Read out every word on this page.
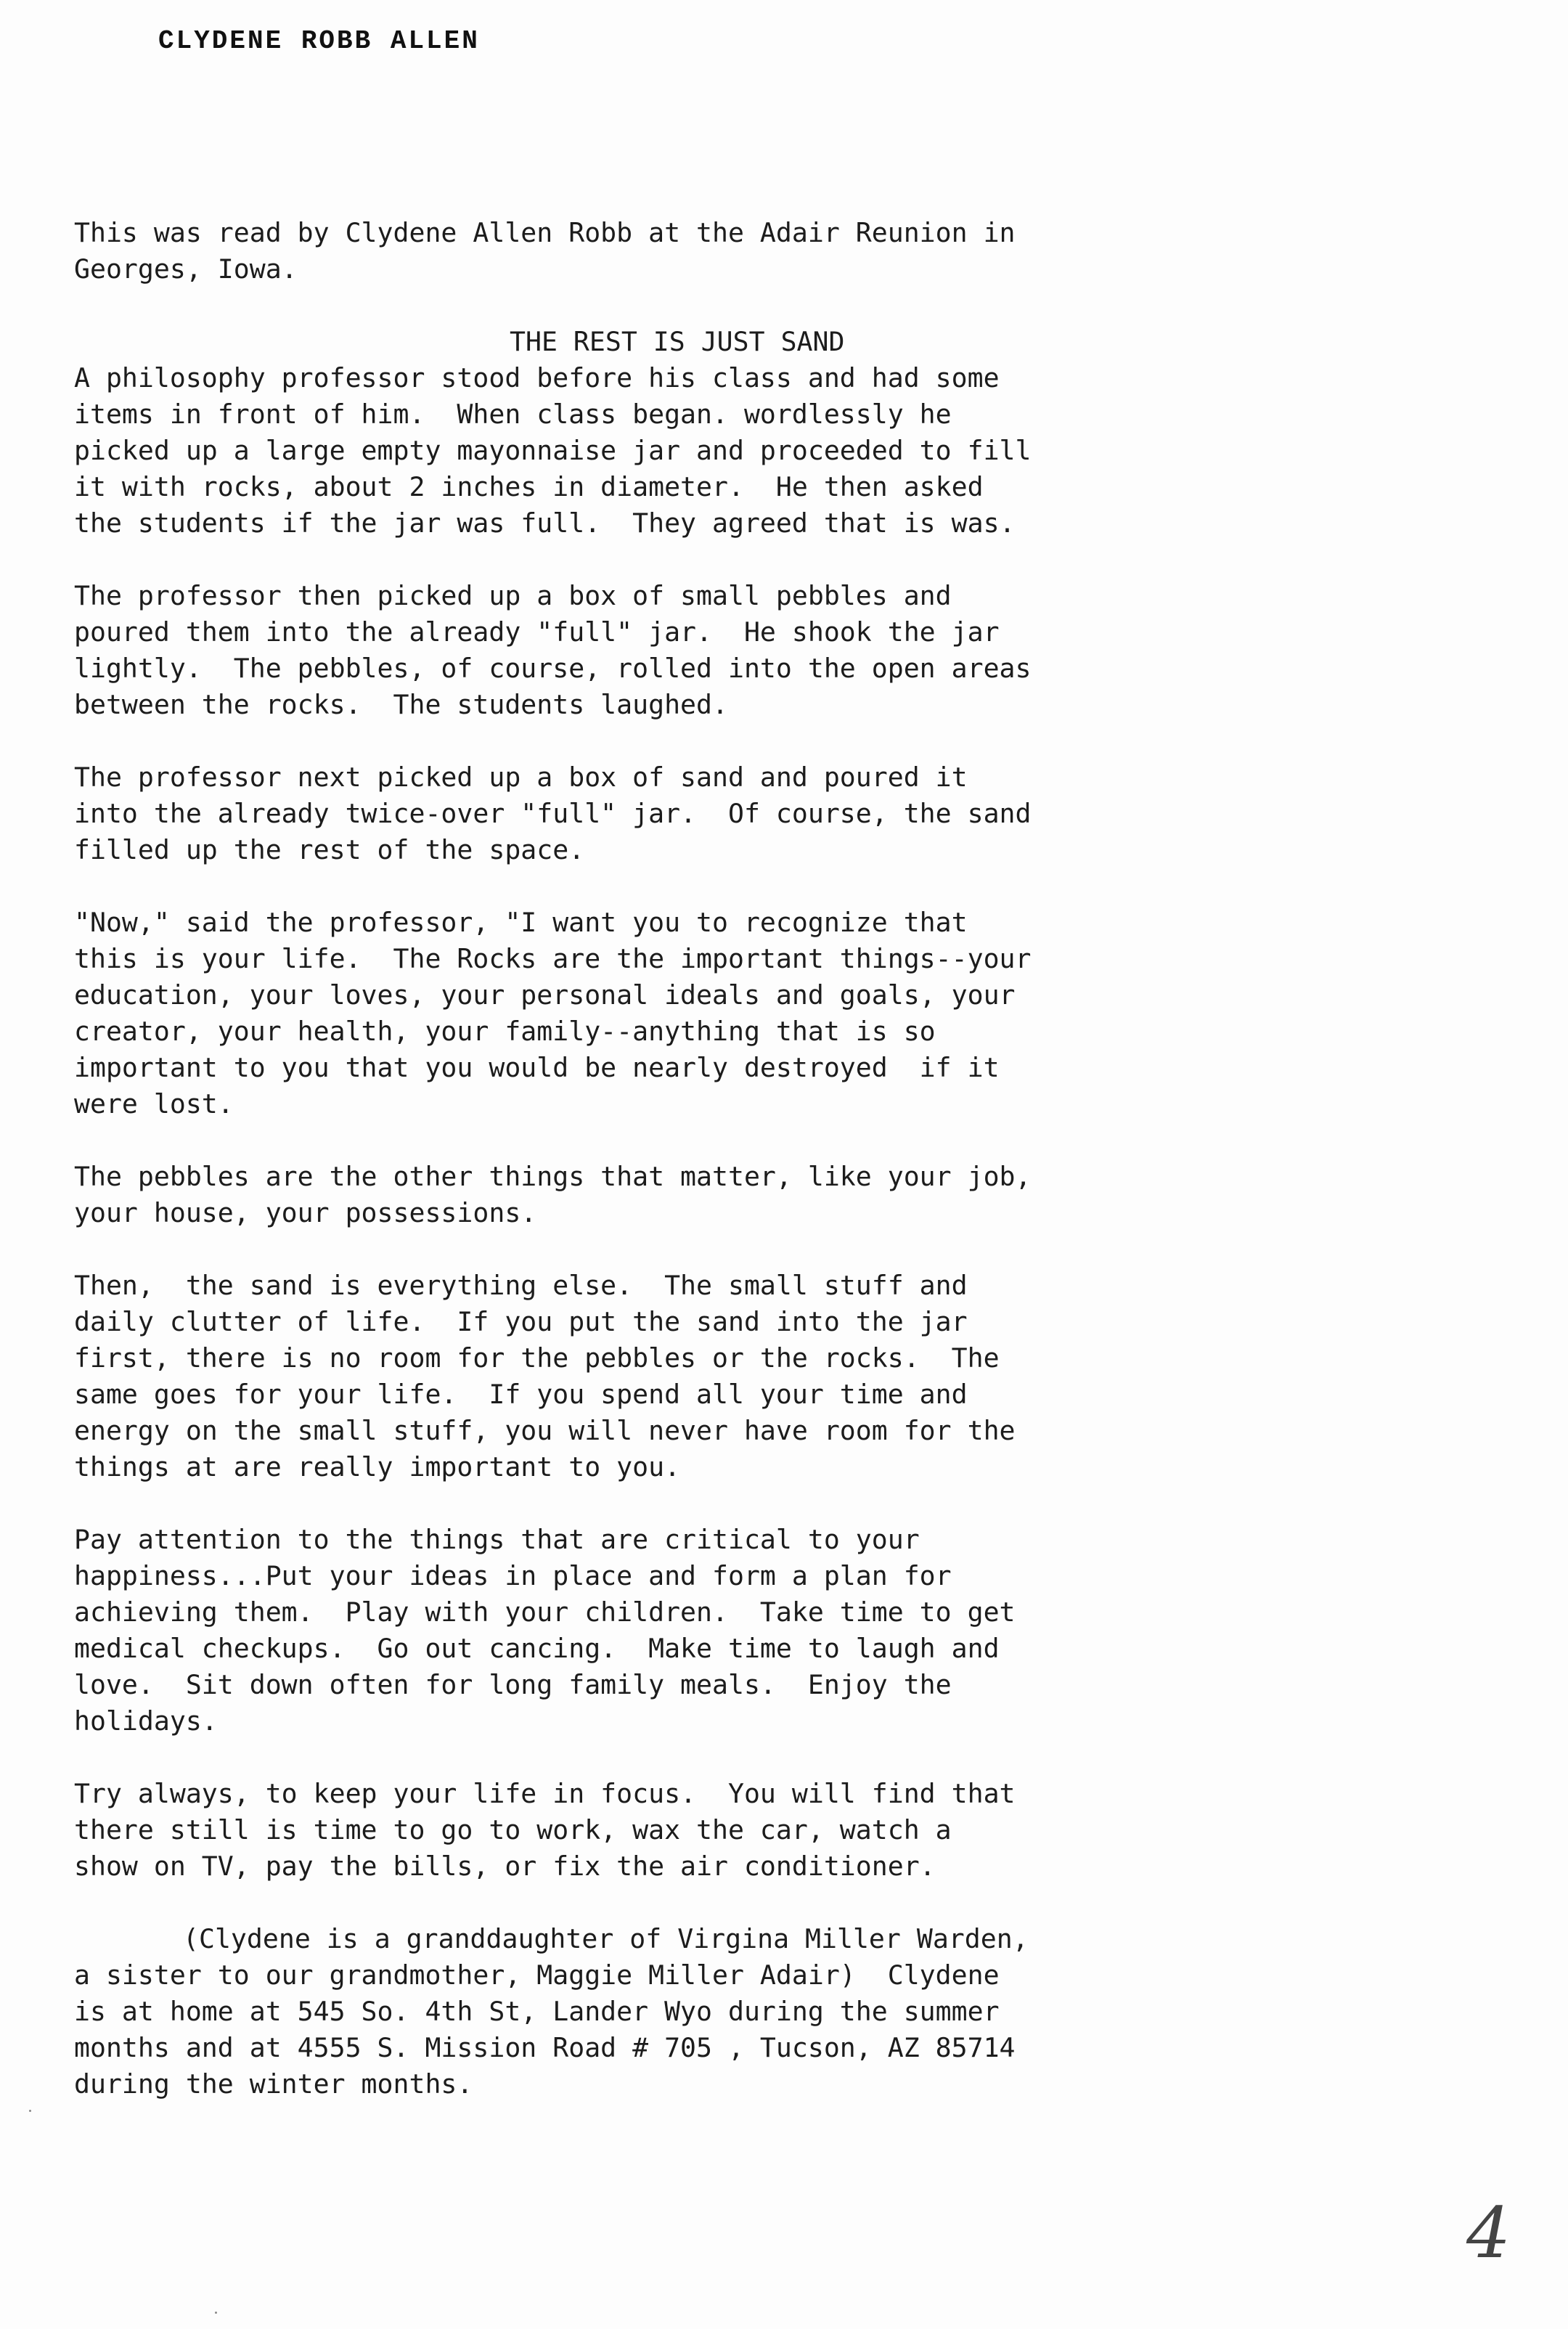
CLYDENE ROBB ALLEN
This was read by Clydene Allen Robb at the Adair Reunion in
Georges, Iowa.
THE REST IS JUST SAND
A philosophy professor stood before his class and had some
items in front of him.  When class began. wordlessly he
picked up a large empty mayonnaise jar and proceeded to fill
it with rocks, about 2 inches in diameter.  He then asked
the students if the jar was full.  They agreed that is was.
The professor then picked up a box of small pebbles and
poured them into the already "full" jar.  He shook the jar
lightly.  The pebbles, of course, rolled into the open areas
between the rocks.  The students laughed.
The professor next picked up a box of sand and poured it
into the already twice-over "full" jar.  Of course, the sand
filled up the rest of the space.
"Now," said the professor, "I want you to recognize that
this is your life.  The Rocks are the important things--your
education, your loves, your personal ideals and goals, your
creator, your health, your family--anything that is so
important to you that you would be nearly destroyed  if it
were lost.
The pebbles are the other things that matter, like your job,
your house, your possessions.
Then,  the sand is everything else.  The small stuff and
daily clutter of life.  If you put the sand into the jar
first, there is no room for the pebbles or the rocks.  The
same goes for your life.  If you spend all your time and
energy on the small stuff, you will never have room for the
things at are really important to you.
Pay attention to the things that are critical to your
happiness...Put your ideas in place and form a plan for
achieving them.  Play with your children.  Take time to get
medical checkups.  Go out cancing.  Make time to laugh and
love.  Sit down often for long family meals.  Enjoy the
holidays.
Try always, to keep your life in focus.  You will find that
there still is time to go to work, wax the car, watch a
show on TV, pay the bills, or fix the air conditioner.
(Clydene is a granddaughter of Virgina Miller Warden,
a sister to our grandmother, Maggie Miller Adair)  Clydene
is at home at 545 So. 4th St, Lander Wyo during the summer
months and at 4555 S. Mission Road # 705 , Tucson, AZ 85714
during the winter months.
4
